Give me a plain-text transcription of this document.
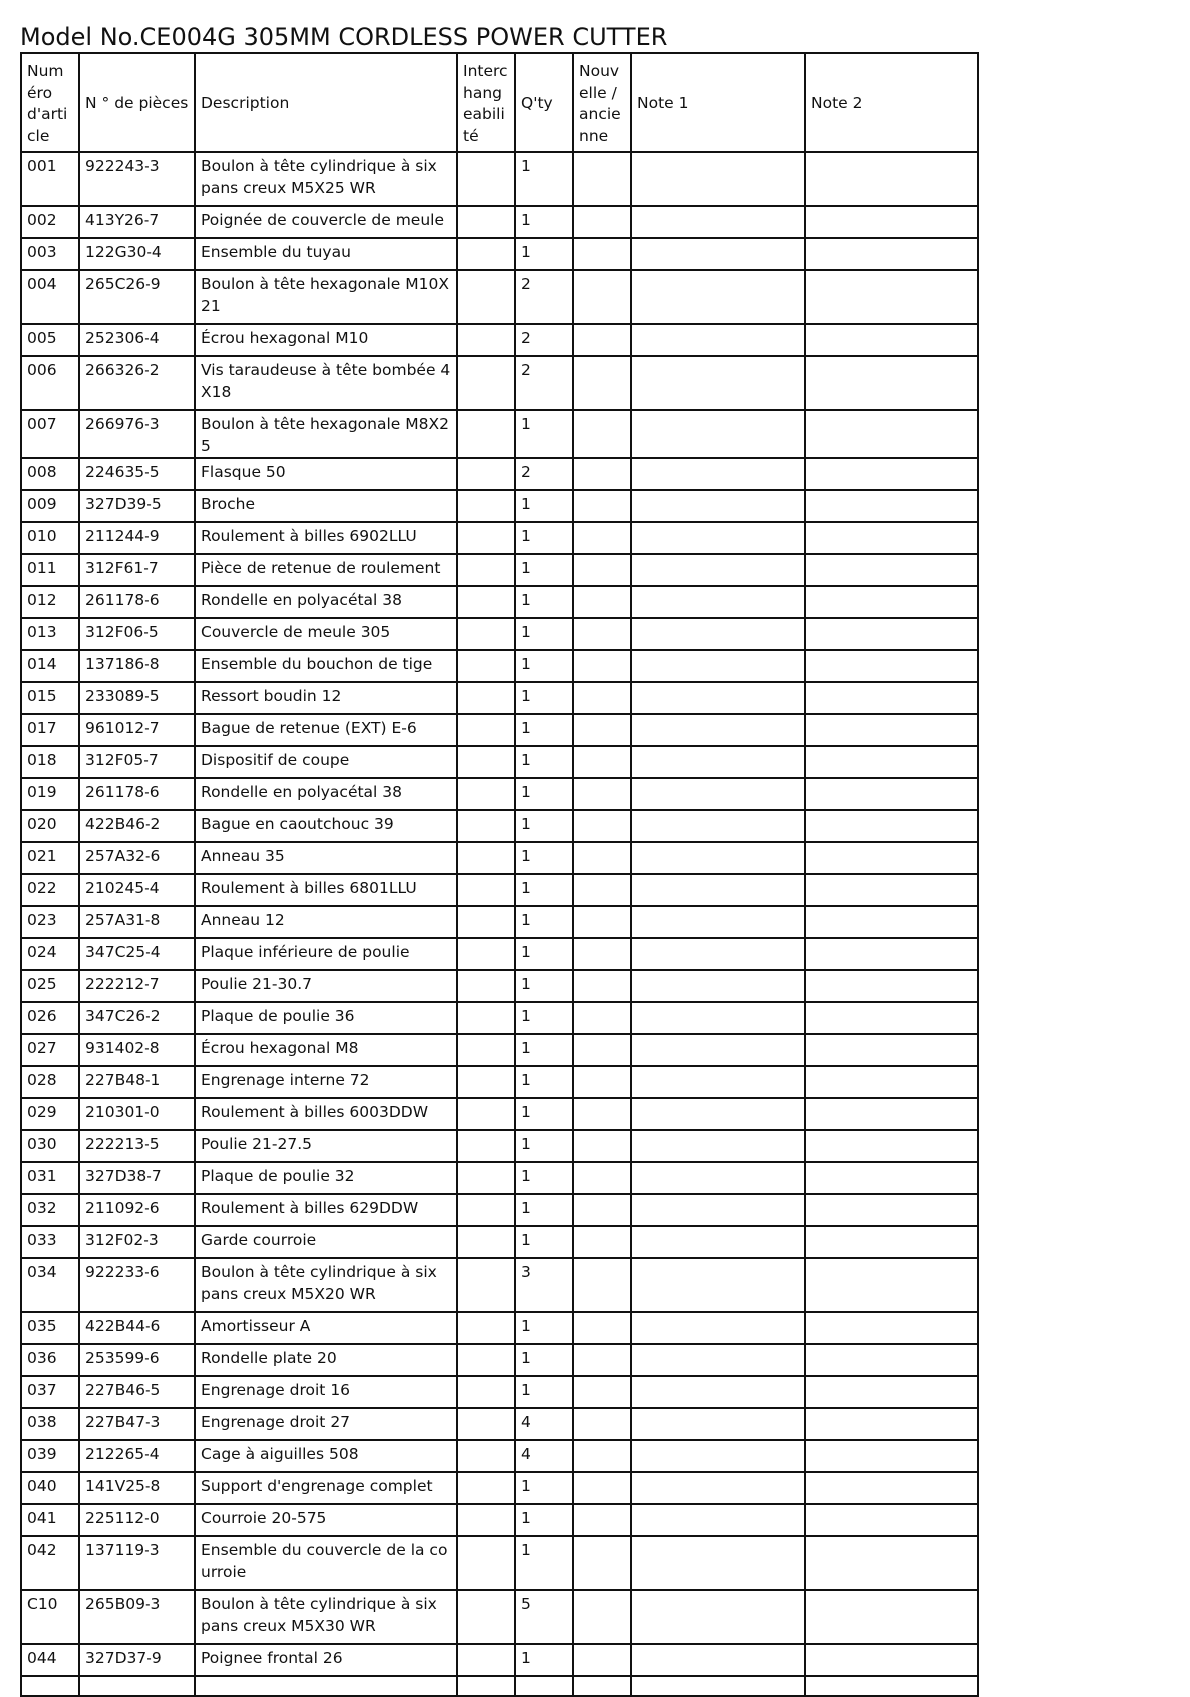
Model No.CE004G 305MM CORDLESS POWER CUTTER
Numéro d'article	N ° de pièces	Description	Interchangeabilité	Q'ty	Nouvelle / ancienne	Note 1	Note 2
001	922243-3	Boulon à tête cylindrique à six pans creux M5X25 WR		1			
002	413Y26-7	Poignée de couvercle de meule		1			
003	122G30-4	Ensemble du tuyau		1			
004	265C26-9	Boulon à tête hexagonale M10X21		2			
005	252306-4	Écrou hexagonal M10		2			
006	266326-2	Vis taraudeuse à tête bombée 4X18		2			
007	266976-3	Boulon à tête hexagonale M8X25		1			
008	224635-5	Flasque 50		2			
009	327D39-5	Broche		1			
010	211244-9	Roulement à billes 6902LLU		1			
011	312F61-7	Pièce de retenue de roulement		1			
012	261178-6	Rondelle en polyacétal 38		1			
013	312F06-5	Couvercle de meule 305		1			
014	137186-8	Ensemble du bouchon de tige		1			
015	233089-5	Ressort boudin 12		1			
017	961012-7	Bague de retenue (EXT) E-6		1			
018	312F05-7	Dispositif de coupe		1			
019	261178-6	Rondelle en polyacétal 38		1			
020	422B46-2	Bague en caoutchouc 39		1			
021	257A32-6	Anneau 35		1			
022	210245-4	Roulement à billes 6801LLU		1			
023	257A31-8	Anneau 12		1			
024	347C25-4	Plaque inférieure de poulie		1			
025	222212-7	Poulie 21-30.7		1			
026	347C26-2	Plaque de poulie 36		1			
027	931402-8	Écrou hexagonal M8		1			
028	227B48-1	Engrenage interne 72		1			
029	210301-0	Roulement à billes 6003DDW		1			
030	222213-5	Poulie 21-27.5		1			
031	327D38-7	Plaque de poulie 32		1			
032	211092-6	Roulement à billes 629DDW		1			
033	312F02-3	Garde courroie		1			
034	922233-6	Boulon à tête cylindrique à six pans creux M5X20 WR		3			
035	422B44-6	Amortisseur A		1			
036	253599-6	Rondelle plate 20		1			
037	227B46-5	Engrenage droit 16		1			
038	227B47-3	Engrenage droit 27		4			
039	212265-4	Cage à aiguilles 508		4			
040	141V25-8	Support d'engrenage complet		1			
041	225112-0	Courroie 20-575		1			
042	137119-3	Ensemble du couvercle de la courroie		1			
C10	265B09-3	Boulon à tête cylindrique à six pans creux M5X30 WR		5			
044	327D37-9	Poignee frontal 26		1			
